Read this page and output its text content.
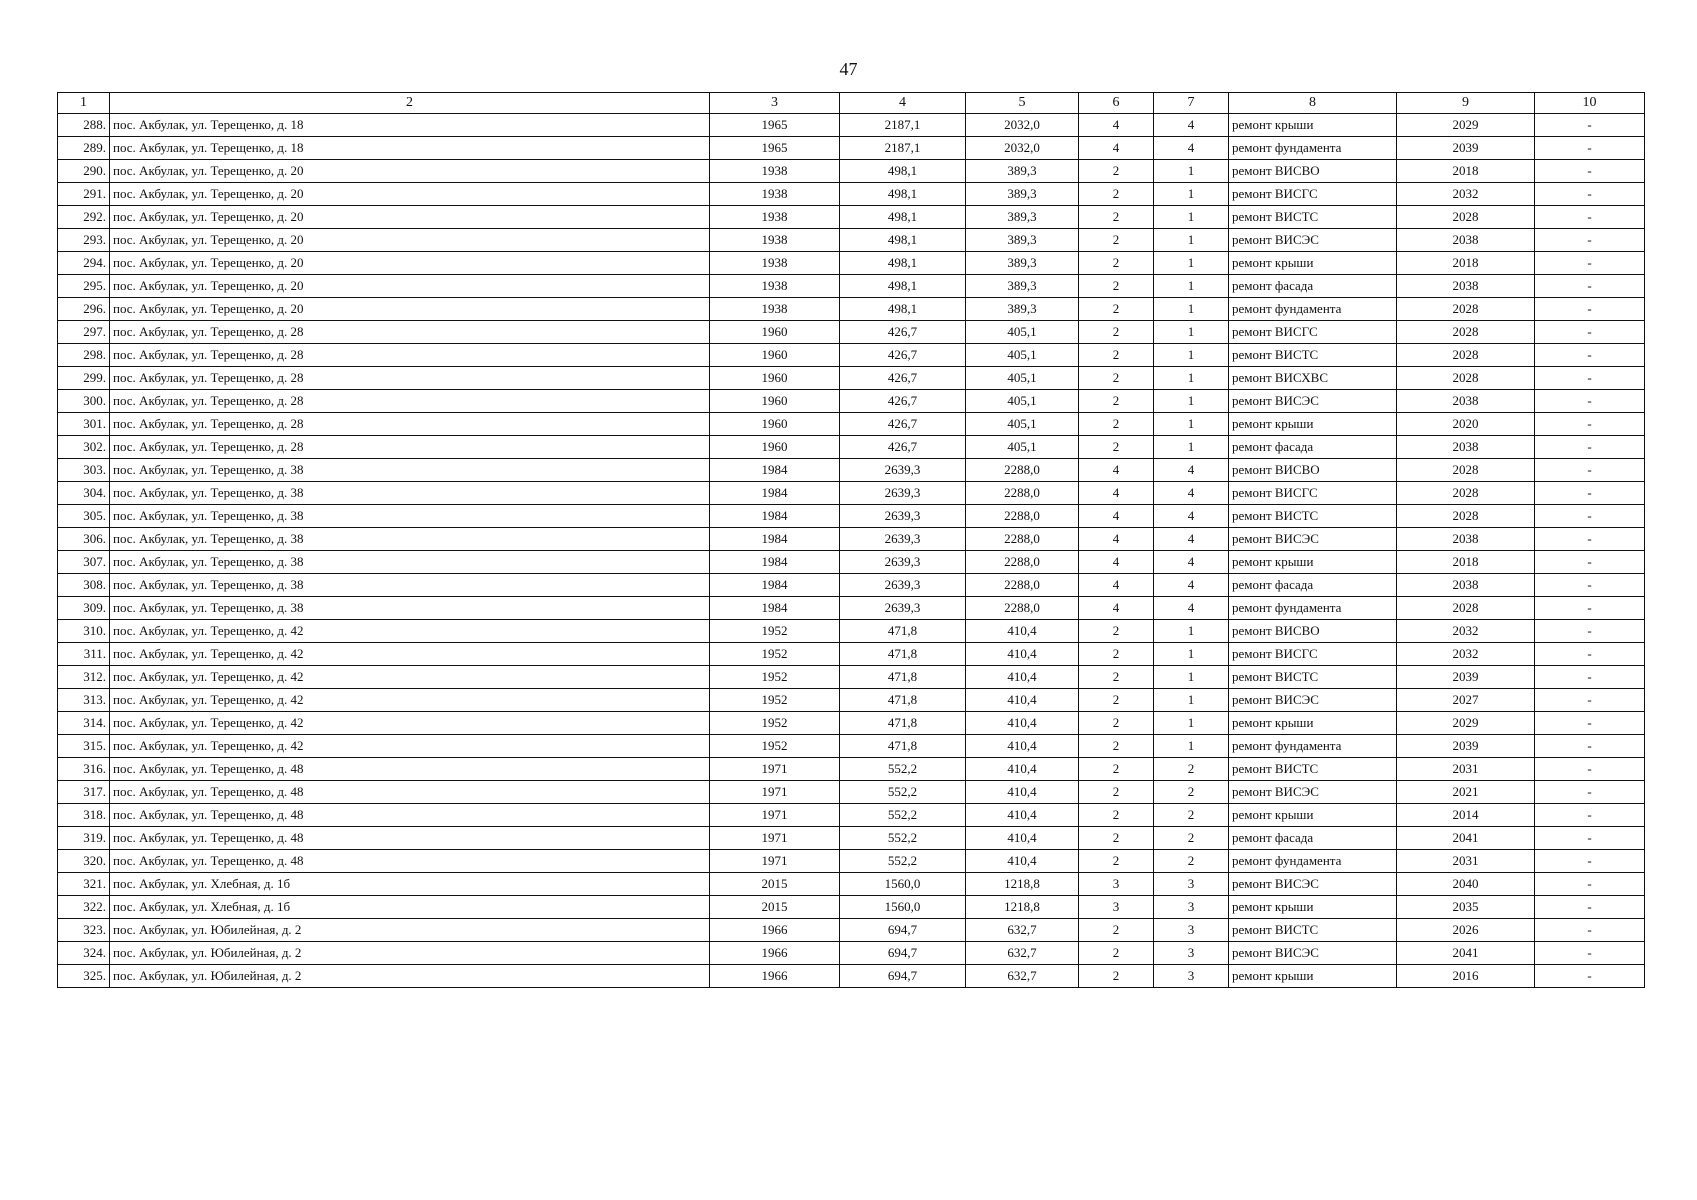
47
1	2	3	4	5	6	7	8	9	10
288.	пос. Акбулак, ул. Терещенко, д. 18	1965	2187,1	2032,0	4	4	ремонт крыши	2029	-
289.	пос. Акбулак, ул. Терещенко, д. 18	1965	2187,1	2032,0	4	4	ремонт фундамента	2039	-
290.	пос. Акбулак, ул. Терещенко, д. 20	1938	498,1	389,3	2	1	ремонт ВИСВО	2018	-
291.	пос. Акбулак, ул. Терещенко, д. 20	1938	498,1	389,3	2	1	ремонт ВИСГС	2032	-
292.	пос. Акбулак, ул. Терещенко, д. 20	1938	498,1	389,3	2	1	ремонт ВИСТС	2028	-
293.	пос. Акбулак, ул. Терещенко, д. 20	1938	498,1	389,3	2	1	ремонт ВИСЭС	2038	-
294.	пос. Акбулак, ул. Терещенко, д. 20	1938	498,1	389,3	2	1	ремонт крыши	2018	-
295.	пос. Акбулак, ул. Терещенко, д. 20	1938	498,1	389,3	2	1	ремонт фасада	2038	-
296.	пос. Акбулак, ул. Терещенко, д. 20	1938	498,1	389,3	2	1	ремонт фундамента	2028	-
297.	пос. Акбулак, ул. Терещенко, д. 28	1960	426,7	405,1	2	1	ремонт ВИСГС	2028	-
298.	пос. Акбулак, ул. Терещенко, д. 28	1960	426,7	405,1	2	1	ремонт ВИСТС	2028	-
299.	пос. Акбулак, ул. Терещенко, д. 28	1960	426,7	405,1	2	1	ремонт ВИСХВС	2028	-
300.	пос. Акбулак, ул. Терещенко, д. 28	1960	426,7	405,1	2	1	ремонт ВИСЭС	2038	-
301.	пос. Акбулак, ул. Терещенко, д. 28	1960	426,7	405,1	2	1	ремонт крыши	2020	-
302.	пос. Акбулак, ул. Терещенко, д. 28	1960	426,7	405,1	2	1	ремонт фасада	2038	-
303.	пос. Акбулак, ул. Терещенко, д. 38	1984	2639,3	2288,0	4	4	ремонт ВИСВО	2028	-
304.	пос. Акбулак, ул. Терещенко, д. 38	1984	2639,3	2288,0	4	4	ремонт ВИСГС	2028	-
305.	пос. Акбулак, ул. Терещенко, д. 38	1984	2639,3	2288,0	4	4	ремонт ВИСТС	2028	-
306.	пос. Акбулак, ул. Терещенко, д. 38	1984	2639,3	2288,0	4	4	ремонт ВИСЭС	2038	-
307.	пос. Акбулак, ул. Терещенко, д. 38	1984	2639,3	2288,0	4	4	ремонт крыши	2018	-
308.	пос. Акбулак, ул. Терещенко, д. 38	1984	2639,3	2288,0	4	4	ремонт фасада	2038	-
309.	пос. Акбулак, ул. Терещенко, д. 38	1984	2639,3	2288,0	4	4	ремонт фундамента	2028	-
310.	пос. Акбулак, ул. Терещенко, д. 42	1952	471,8	410,4	2	1	ремонт ВИСВО	2032	-
311.	пос. Акбулак, ул. Терещенко, д. 42	1952	471,8	410,4	2	1	ремонт ВИСГС	2032	-
312.	пос. Акбулак, ул. Терещенко, д. 42	1952	471,8	410,4	2	1	ремонт ВИСТС	2039	-
313.	пос. Акбулак, ул. Терещенко, д. 42	1952	471,8	410,4	2	1	ремонт ВИСЭС	2027	-
314.	пос. Акбулак, ул. Терещенко, д. 42	1952	471,8	410,4	2	1	ремонт крыши	2029	-
315.	пос. Акбулак, ул. Терещенко, д. 42	1952	471,8	410,4	2	1	ремонт фундамента	2039	-
316.	пос. Акбулак, ул. Терещенко, д. 48	1971	552,2	410,4	2	2	ремонт ВИСТС	2031	-
317.	пос. Акбулак, ул. Терещенко, д. 48	1971	552,2	410,4	2	2	ремонт ВИСЭС	2021	-
318.	пос. Акбулак, ул. Терещенко, д. 48	1971	552,2	410,4	2	2	ремонт крыши	2014	-
319.	пос. Акбулак, ул. Терещенко, д. 48	1971	552,2	410,4	2	2	ремонт фасада	2041	-
320.	пос. Акбулак, ул. Терещенко, д. 48	1971	552,2	410,4	2	2	ремонт фундамента	2031	-
321.	пос. Акбулак, ул. Хлебная, д. 1б	2015	1560,0	1218,8	3	3	ремонт ВИСЭС	2040	-
322.	пос. Акбулак, ул. Хлебная, д. 1б	2015	1560,0	1218,8	3	3	ремонт крыши	2035	-
323.	пос. Акбулак, ул. Юбилейная, д. 2	1966	694,7	632,7	2	3	ремонт ВИСТС	2026	-
324.	пос. Акбулак, ул. Юбилейная, д. 2	1966	694,7	632,7	2	3	ремонт ВИСЭС	2041	-
325.	пос. Акбулак, ул. Юбилейная, д. 2	1966	694,7	632,7	2	3	ремонт крыши	2016	-
